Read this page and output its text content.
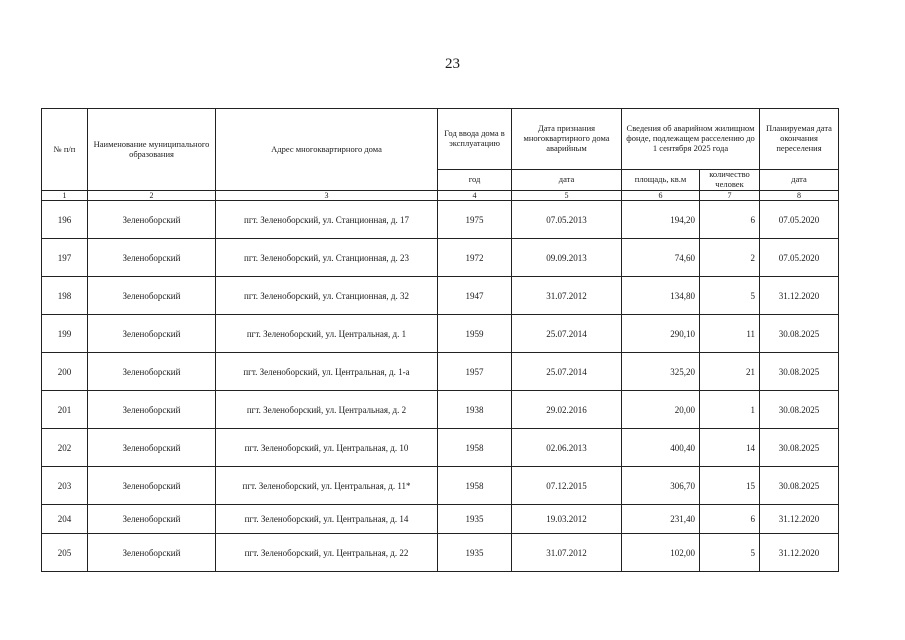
23
№ п/п	Наименование муниципального образования	Адрес многоквартирного дома	Год ввода дома в эксплуатацию	Дата признания многоквартирного дома аварийным	Сведения об аварийном жилищном фонде, подлежащем расселению до 1 сентября 2025 года		Планируемая дата окончания переселения
			год	дата	площадь, кв.м	количество человек	дата
1	2	3	4	5	6	7	8
196	Зеленоборский	пгт. Зеленоборский, ул. Станционная, д. 17	1975	07.05.2013	194,20	6	07.05.2020
197	Зеленоборский	пгт. Зеленоборский, ул. Станционная, д. 23	1972	09.09.2013	74,60	2	07.05.2020
198	Зеленоборский	пгт. Зеленоборский, ул. Станционная, д. 32	1947	31.07.2012	134,80	5	31.12.2020
199	Зеленоборский	пгт. Зеленоборский, ул. Центральная, д. 1	1959	25.07.2014	290,10	11	30.08.2025
200	Зеленоборский	пгт. Зеленоборский, ул. Центральная, д. 1-а	1957	25.07.2014	325,20	21	30.08.2025
201	Зеленоборский	пгт. Зеленоборский, ул. Центральная, д. 2	1938	29.02.2016	20,00	1	30.08.2025
202	Зеленоборский	пгт. Зеленоборский, ул. Центральная, д. 10	1958	02.06.2013	400,40	14	30.08.2025
203	Зеленоборский	пгт. Зеленоборский, ул. Центральная, д. 11*	1958	07.12.2015	306,70	15	30.08.2025
204	Зеленоборский	пгт. Зеленоборский, ул. Центральная, д. 14	1935	19.03.2012	231,40	6	31.12.2020
205	Зеленоборский	пгт. Зеленоборский, ул. Центральная, д. 22	1935	31.07.2012	102,00	5	31.12.2020
